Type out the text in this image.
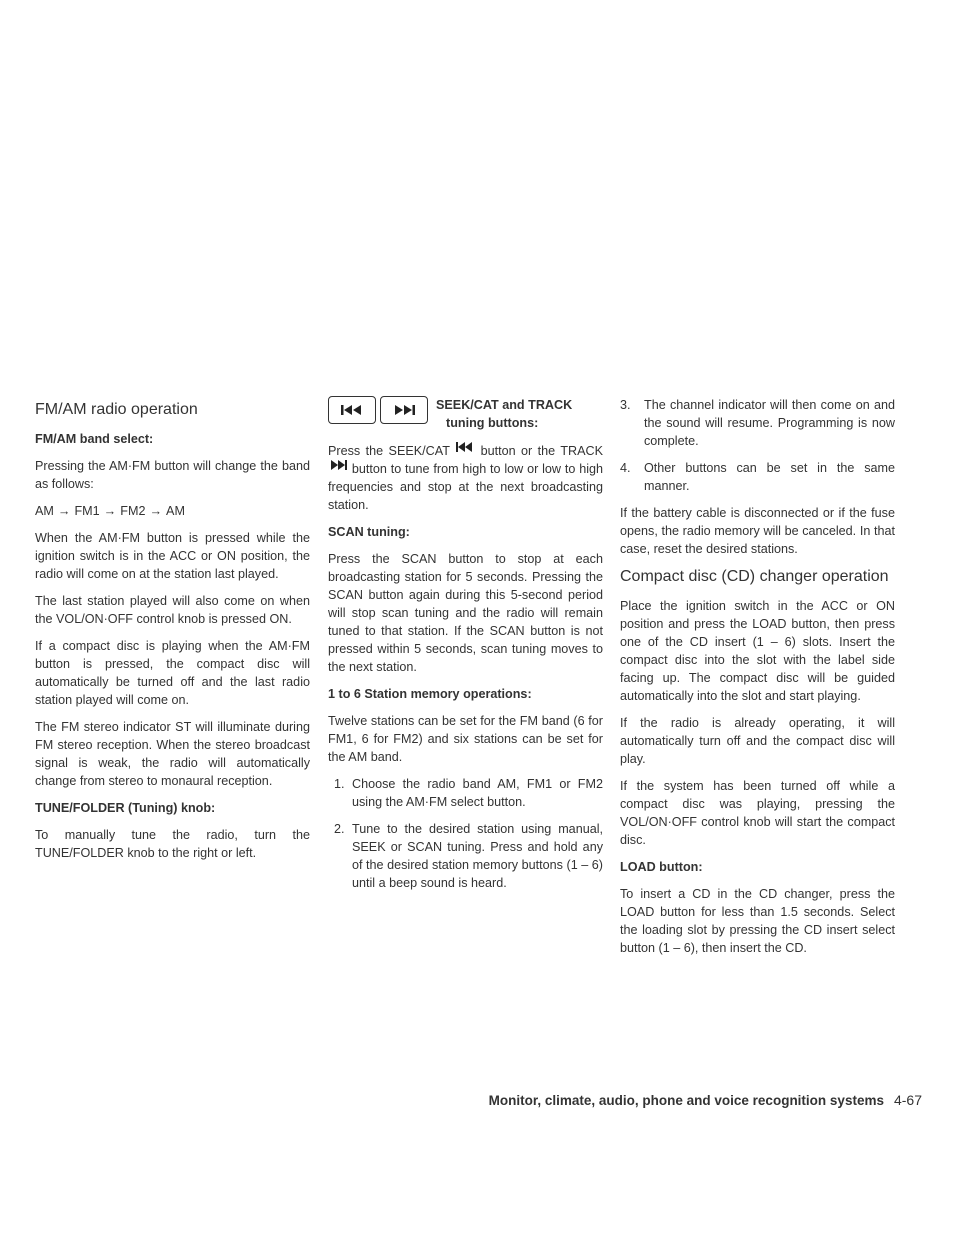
FM/AM radio operation
FM/AM band select:

Pressing the AM·FM button will change the band as follows:

AM → FM1 → FM2 → AM

When the AM·FM button is pressed while the ignition switch is in the ACC or ON position, the radio will come on at the station last played.

The last station played will also come on when the VOL/ON·OFF control knob is pressed ON.

If a compact disc is playing when the AM·FM button is pressed, the compact disc will automatically be turned off and the last radio station played will come on.

The FM stereo indicator ST will illuminate during FM stereo reception. When the stereo broadcast signal is weak, the radio will automatically change from stereo to monaural reception.

TUNE/FOLDER (Tuning) knob:

To manually tune the radio, turn the TUNE/FOLDER knob to the right or left.

SEEK/CAT and TRACK
tuning buttons:

Press the SEEK/CAT button or the TRACK  button to tune from high to low or low to high frequencies and stop at the next broadcasting station.

SCAN tuning:

Press the SCAN button to stop at each broadcasting station for 5 seconds. Pressing the SCAN button again during this 5-second period will stop scan tuning and the radio will remain tuned to that station. If the SCAN button is not pressed within 5 seconds, scan tuning moves to the next station.

1 to 6 Station memory operations:

Twelve stations can be set for the FM band (6 for FM1, 6 for FM2) and six stations can be set for the AM band.

1. Choose the radio band AM, FM1 or FM2 using the AM·FM select button.
2. Tune to the desired station using manual, SEEK or SCAN tuning. Press and hold any of the desired station memory buttons (1 – 6) until a beep sound is heard.
3. The channel indicator will then come on and the sound will resume. Programming is now complete.
4. Other buttons can be set in the same manner.

If the battery cable is disconnected or if the fuse opens, the radio memory will be canceled. In that case, reset the desired stations.

Compact disc (CD) changer operation

Place the ignition switch in the ACC or ON position and press the LOAD button, then press one of the CD insert (1 – 6) slots. Insert the compact disc into the slot with the label side facing up. The compact disc will be guided automatically into the slot and start playing.

If the radio is already operating, it will automatically turn off and the compact disc will play.

If the system has been turned off while a compact disc was playing, pressing the VOL/ON·OFF control knob will start the compact disc.

LOAD button:

To insert a CD in the CD changer, press the LOAD button for less than 1.5 seconds. Select the loading slot by pressing the CD insert select button (1 – 6), then insert the CD.

Monitor, climate, audio, phone and voice recognition systems 4-67
